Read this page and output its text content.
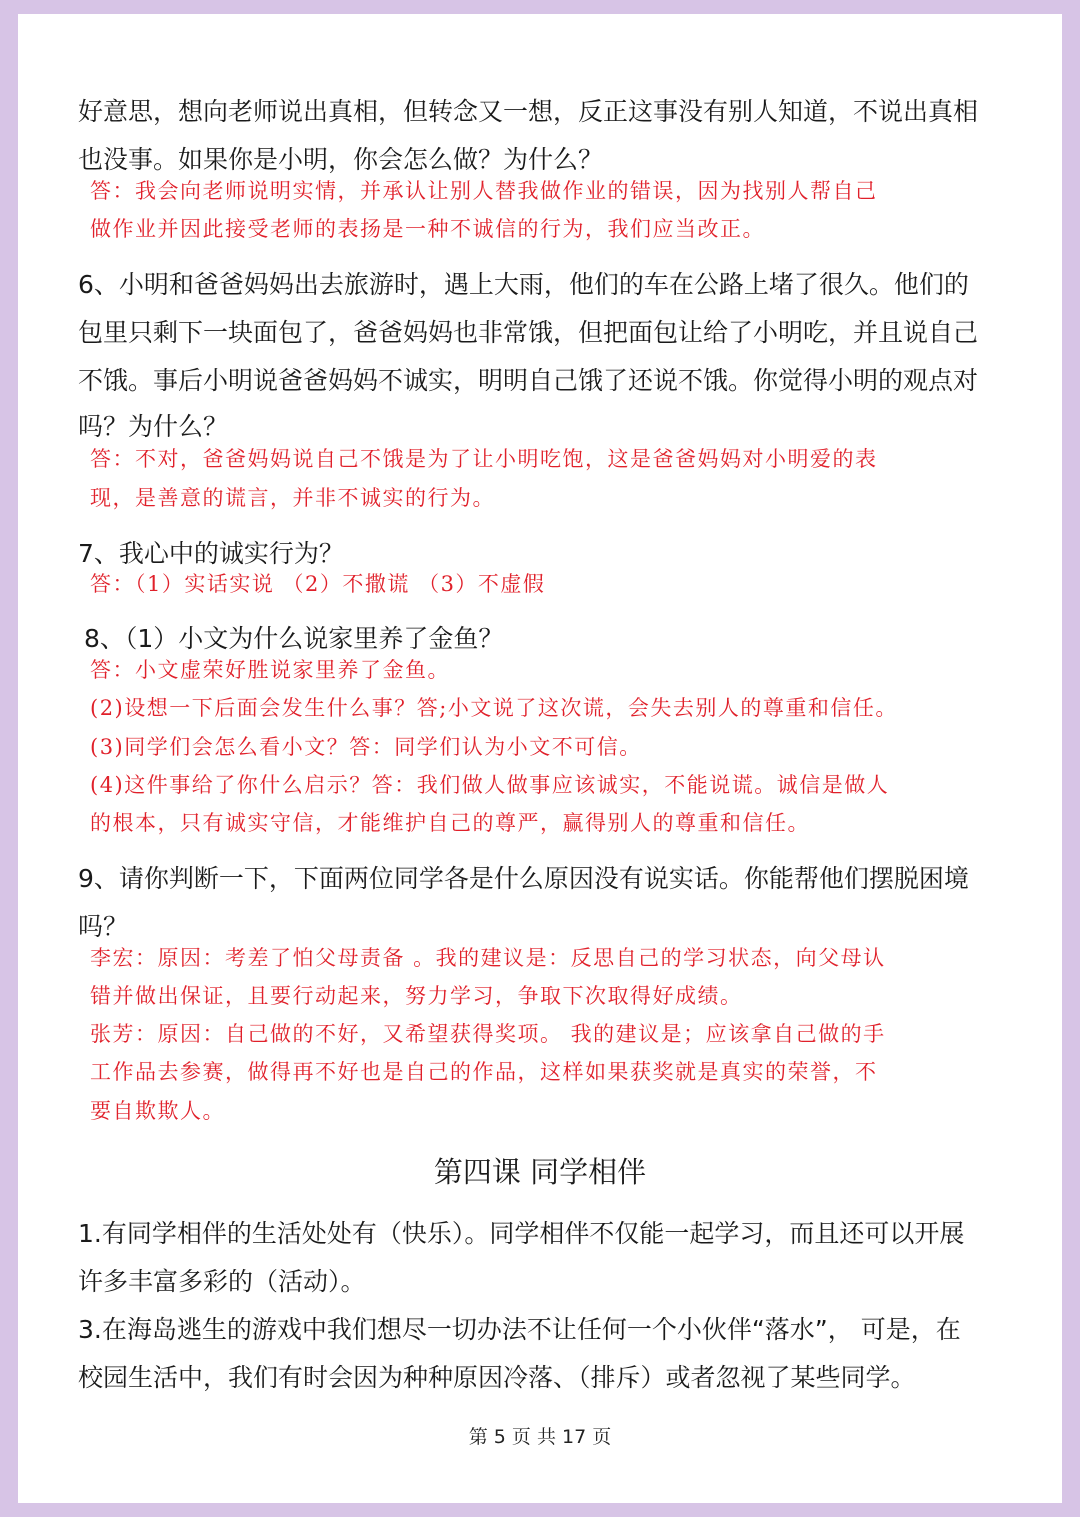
好意思，想向老师说出真相，但转念又一想，反正这事没有别人知道，不说出真相
也没事。如果你是小明，你会怎么做？为什么？
答：我会向老师说明实情，并承认让别人替我做作业的错误，因为找别人帮自己
做作业并因此接受老师的表扬是一种不诚信的行为，我们应当改正。
6、小明和爸爸妈妈出去旅游时，遇上大雨，他们的车在公路上堵了很久。他们的
包里只剩下一块面包了，爸爸妈妈也非常饿，但把面包让给了小明吃，并且说自己
不饿。事后小明说爸爸妈妈不诚实，明明自己饿了还说不饿。你觉得小明的观点对
吗？为什么？
答：不对，爸爸妈妈说自己不饿是为了让小明吃饱，这是爸爸妈妈对小明爱的表
现，是善意的谎言，并非不诚实的行为。
7、我心中的诚实行为？
答：（1）实话实说 （2）不撒谎 （3）不虚假
8、（1）小文为什么说家里养了金鱼？
答：小文虚荣好胜说家里养了金鱼。
(2)设想一下后面会发生什么事？答;小文说了这次谎，会失去别人的尊重和信任。
(3)同学们会怎么看小文？答：同学们认为小文不可信。
(4)这件事给了你什么启示？答：我们做人做事应该诚实，不能说谎。诚信是做人
的根本，只有诚实守信，才能维护自己的尊严，赢得别人的尊重和信任。
9、请你判断一下，下面两位同学各是什么原因没有说实话。你能帮他们摆脱困境
吗？
李宏：原因：考差了怕父母责备 。我的建议是：反思自己的学习状态，向父母认
错并做出保证，且要行动起来，努力学习，争取下次取得好成绩。
张芳：原因：自己做的不好，又希望获得奖项。 我的建议是；应该拿自己做的手
工作品去参赛，做得再不好也是自己的作品，这样如果获奖就是真实的荣誉，不
要自欺欺人。
第四课 同学相伴
1.有同学相伴的生活处处有（快乐）。同学相伴不仅能一起学习，而且还可以开展
许多丰富多彩的（活动）。
3.在海岛逃生的游戏中我们想尽一切办法不让任何一个小伙伴“落水”， 可是，在
校园生活中，我们有时会因为种种原因冷落、（排斥）或者忽视了某些同学。
第 5 页 共 17 页
